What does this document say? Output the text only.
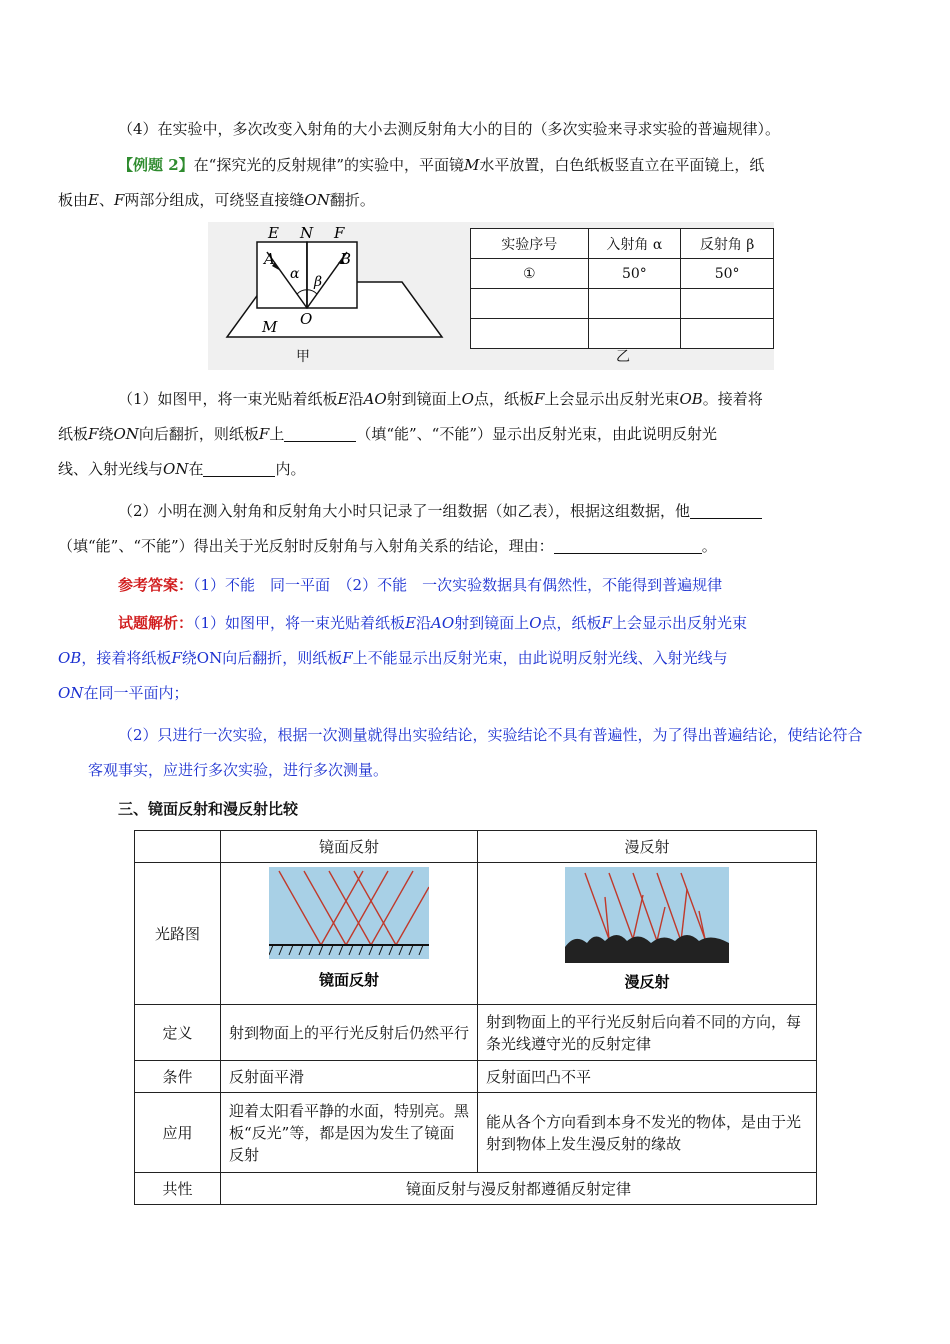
（4）在实验中，多次改变入射角的大小去测反射角大小的目的（多次实验来寻求实验的普遍规律）。
【例题 2】在“探究光的反射规律”的实验中，平面镜M水平放置，白色纸板竖直立在平面镜上，纸
板由E、F两部分组成，可绕竖直接缝ON翻折。
E N F
A	B
α β
O
M
甲
实验序号	入射角 α	反射角 β
①	50°	50°

乙
（1）如图甲，将一束光贴着纸板E沿AO射到镜面上O点，纸板F上会显示出反射光束OB。接着将
纸板F绕ON向后翻折，则纸板F上	（填“能”、“不能”）显示出反射光束，由此说明反射光
线、入射光线与ON在	内。
（2）小明在测入射角和反射角大小时只记录了一组数据（如乙表），根据这组数据，他
（填“能”、“不能”）得出关于光反射时反射角与入射角关系的结论，理由：	。
参考答案：（1）不能　同一平面　（2）不能　一次实验数据具有偶然性，不能得到普遍规律
试题解析：（1）如图甲，将一束光贴着纸板E沿AO射到镜面上O点，纸板F上会显示出反射光束
OB，接着将纸板F绕ON向后翻折，则纸板F上不能显示出反射光束，由此说明反射光线、入射光线与
ON在同一平面内；
（2）只进行一次实验，根据一次测量就得出实验结论，实验结论不具有普遍性，为了得出普遍结论，使结论符合客观事实，应进行多次实验，进行多次测量。
三、镜面反射和漫反射比较
	镜面反射	漫反射
光路图	镜面反射	漫反射

定义	射到物面上的平行光反射后仍然平行	射到物面上的平行光反射后向着不同的方向，每条光线遵守光的反射定律
条件	反射面平滑	反射面凹凸不平
应用	迎着太阳看平静的水面，特别亮。黑板“反光”等，都是因为发生了镜面反射	能从各个方向看到本身不发光的物体，是由于光射到物体上发生漫反射的缘故
共性	镜面反射与漫反射都遵循反射定律	
